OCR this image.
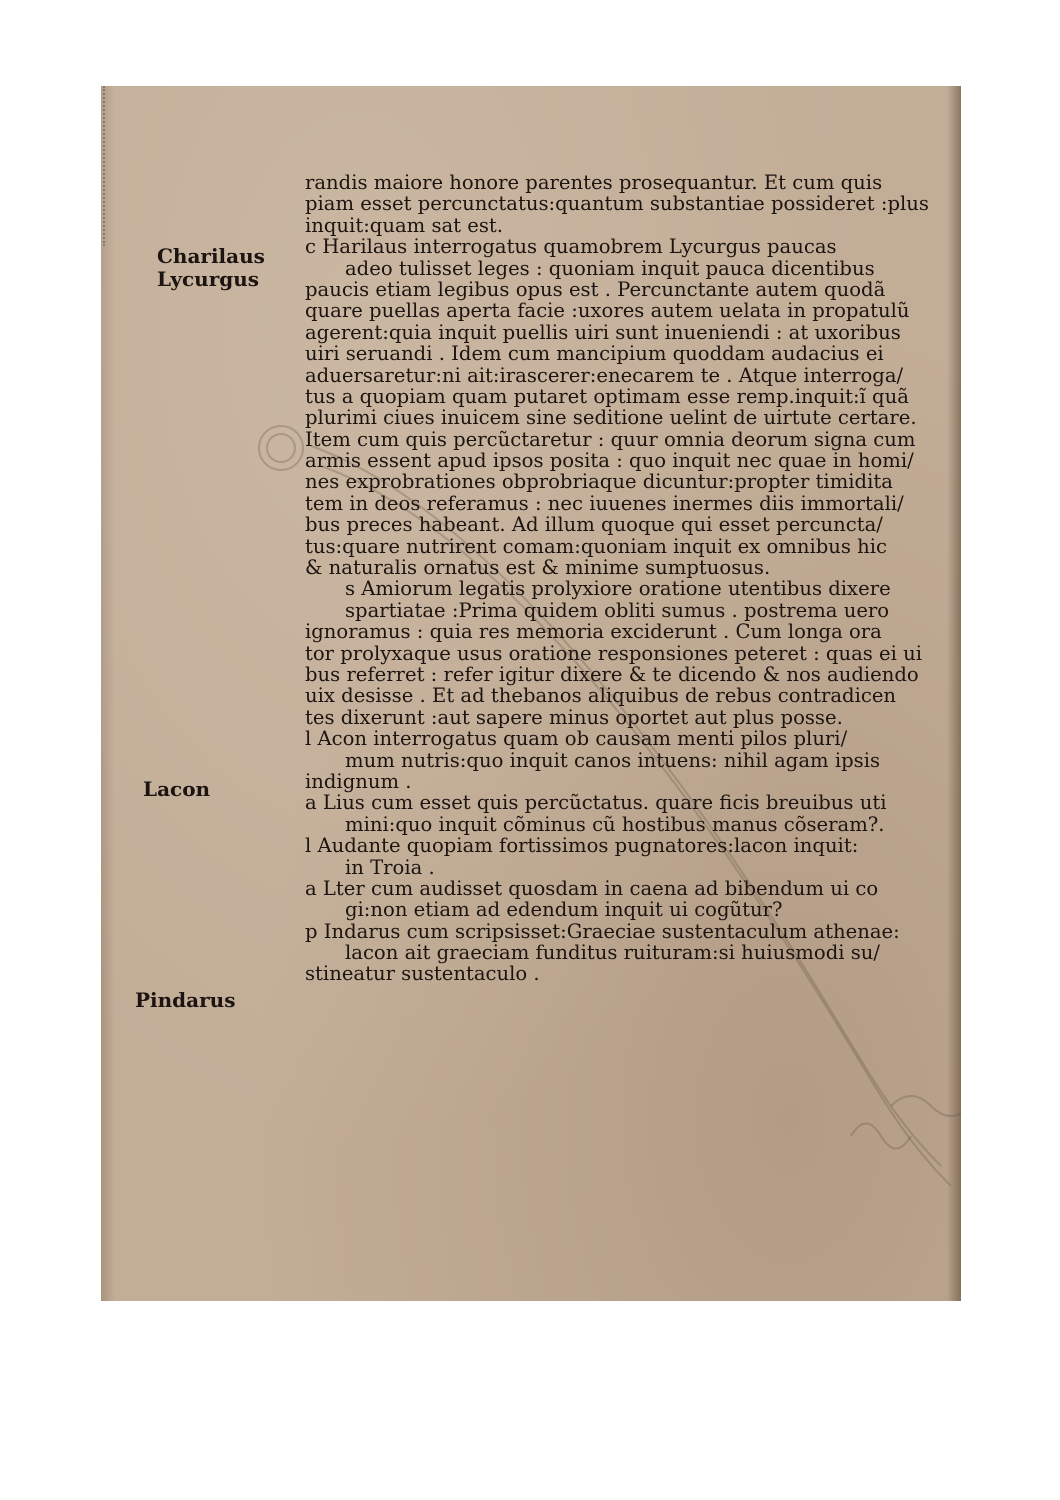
Charilaus
Lycurgus
Lacon
Pindarus
randis maiore honore parentes prosequantur. Et cum quis
piam esset percunctatus:quantum substantiae possideret :plus
inquit:quam sat est.
c Harilaus interrogatus quamobrem Lycurgus paucas
adeo tulisset leges : quoniam inquit pauca dicentibus
paucis etiam legibus opus est . Percunctante autem quodã
quare puellas aperta facie :uxores autem uelata in propatulũ
agerent:quia inquit puellis uiri sunt inueniendi : at uxoribus
uiri seruandi . Idem cum mancipium quoddam audacius ei
aduersaretur:ni ait:irascerer:enecarem te . Atque interroga/
tus a quopiam quam putaret optimam esse remp.inquit:ĩ quã
plurimi ciues inuicem sine seditione uelint de uirtute certare.
Item cum quis percũctaretur : quur omnia deorum signa cum
armis essent apud ipsos posita : quo inquit nec quae in homi/
nes exprobrationes obprobriaque dicuntur:propter timidita
tem in deos referamus : nec iuuenes inermes diis immortali/
bus preces habeant. Ad illum quoque qui esset percuncta/
tus:quare nutrirent comam:quoniam inquit ex omnibus hic
& naturalis ornatus est & minime sumptuosus.
s Amiorum legatis prolyxiore oratione utentibus dixere
spartiatae :Prima quidem obliti sumus . postrema uero
ignoramus : quia res memoria exciderunt . Cum longa ora
tor prolyxaque usus oratione responsiones peteret : quas ei ui
bus referret : refer igitur dixere & te dicendo & nos audiendo
uix desisse . Et ad thebanos aliquibus de rebus contradicen
tes dixerunt :aut sapere minus oportet aut plus posse.
l Acon interrogatus quam ob causam menti pilos pluri/
mum nutris:quo inquit canos intuens: nihil agam ipsis
indignum .
a Lius cum esset quis percũctatus. quare ficis breuibus uti
mini:quo inquit cõminus cũ hostibus manus cõseram?.
l Audante quopiam fortissimos pugnatores:lacon inquit:
in Troia .
a Lter cum audisset quosdam in caena ad bibendum ui co
gi:non etiam ad edendum inquit ui cogũtur?
p Indarus cum scripsisset:Graeciae sustentaculum athenae:
lacon ait graeciam funditus ruituram:si huiusmodi su/
stineatur sustentaculo .
